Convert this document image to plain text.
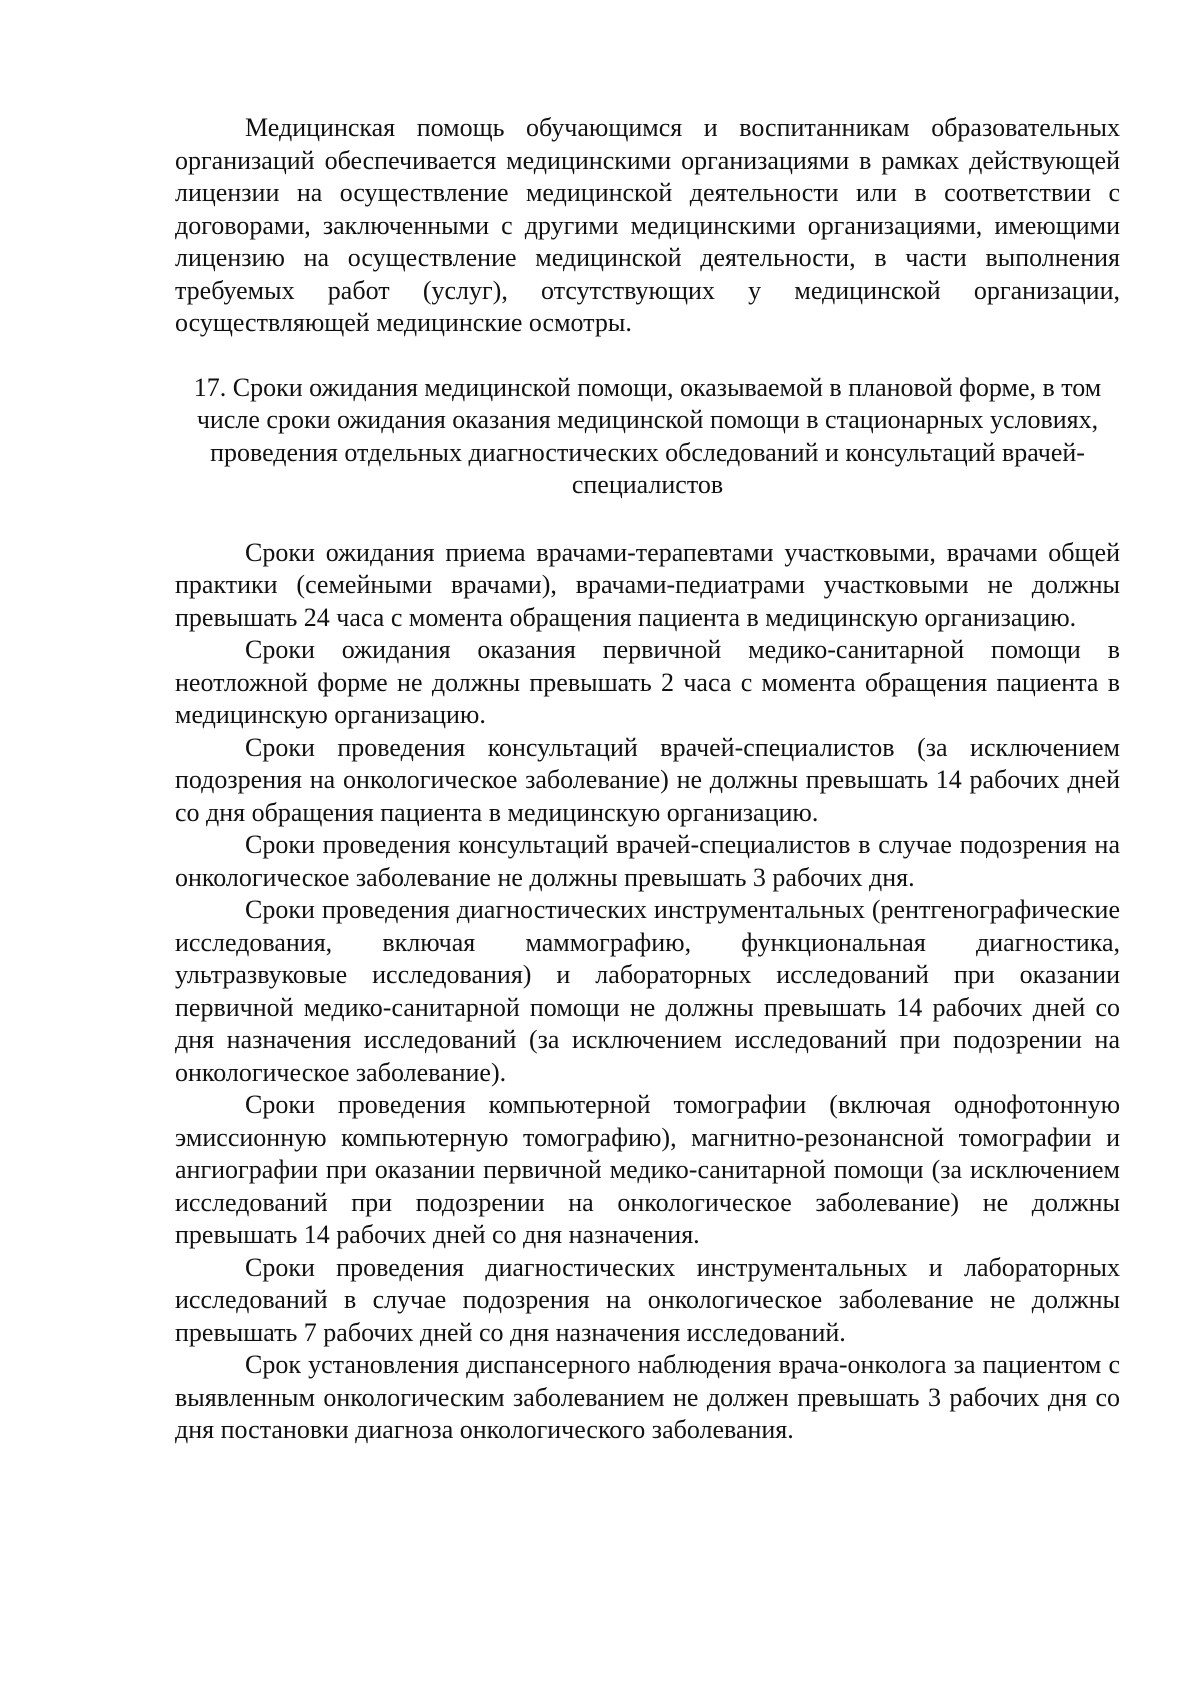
Медицинская помощь обучающимся и воспитанникам образовательных организаций обеспечивается медицинскими организациями в рамках действующей лицензии на осуществление медицинской деятельности или в соответствии с договорами, заключенными с другими медицинскими организациями, имеющими лицензию на осуществление медицинской деятельности, в части выполнения требуемых работ (услуг), отсутствующих у медицинской организации, осуществляющей медицинские осмотры.

17. Сроки ожидания медицинской помощи, оказываемой в плановой форме, в том числе сроки ожидания оказания медицинской помощи в стационарных условиях, проведения отдельных диагностических обследований и консультаций врачей-специалистов

Сроки ожидания приема врачами-терапевтами участковыми, врачами общей практики (семейными врачами), врачами-педиатрами участковыми не должны превышать 24 часа с момента обращения пациента в медицинскую организацию.

Сроки ожидания оказания первичной медико-санитарной помощи в неотложной форме не должны превышать 2 часа с момента обращения пациента в медицинскую организацию.

Сроки проведения консультаций врачей-специалистов (за исключением подозрения на онкологическое заболевание) не должны превышать 14 рабочих дней со дня обращения пациента в медицинскую организацию.

Сроки проведения консультаций врачей-специалистов в случае подозрения на онкологическое заболевание не должны превышать 3 рабочих дня.

Сроки проведения диагностических инструментальных (рентгенографические исследования, включая маммографию, функциональная диагностика, ультразвуковые исследования) и лабораторных исследований при оказании первичной медико-санитарной помощи не должны превышать 14 рабочих дней со дня назначения исследований (за исключением исследований при подозрении на онкологическое заболевание).

Сроки проведения компьютерной томографии (включая однофотонную эмиссионную компьютерную томографию), магнитно-резонансной томографии и ангиографии при оказании первичной медико-санитарной помощи (за исключением исследований при подозрении на онкологическое заболевание) не должны превышать 14 рабочих дней со дня назначения.

Сроки проведения диагностических инструментальных и лабораторных исследований в случае подозрения на онкологическое заболевание не должны превышать 7 рабочих дней со дня назначения исследований.

Срок установления диспансерного наблюдения врача-онколога за пациентом с выявленным онкологическим заболеванием не должен превышать 3 рабочих дня со дня постановки диагноза онкологического заболевания.
